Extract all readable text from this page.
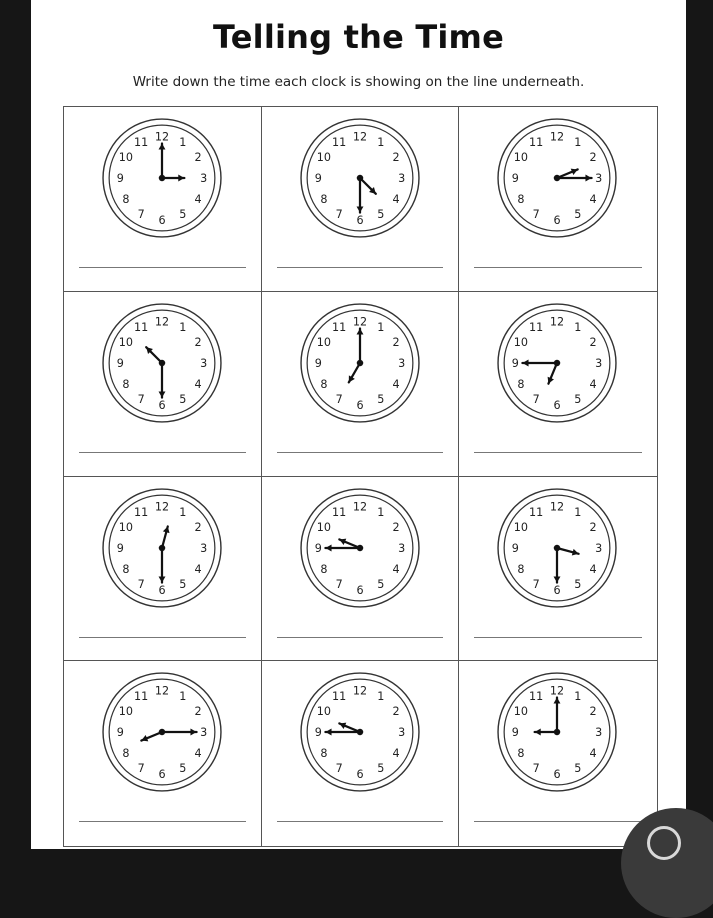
Telling the Time
Write down the time each clock is showing on the line underneath.
12 1
2
3
4
5
6
7
8
9
10
11	12 1
2
3
4
5
6
7
8
9
10
11	12 1
2
3
4
5
6
7
8
9
10
11
12 1
2
3
4
5
6
7
8
9
10
11	12 1
2
3
4
5
6
7
8
9
10
11	12 1
2
3
4
5
6
7
8
9
10
11
12 1
2
3
4
5
6
7
8
9
10
11	12 1
2
3
4
5
6
7
8
9
10
11	12 1
2
3
4
5
6
7
8
9
10
11
12 1
2
3
4
5
6
7
8
9
10
11	12 1
2
3
4
5
6
7
8
9
10
11	12 1
2
3
4
5
6
7
8
9
10
11
